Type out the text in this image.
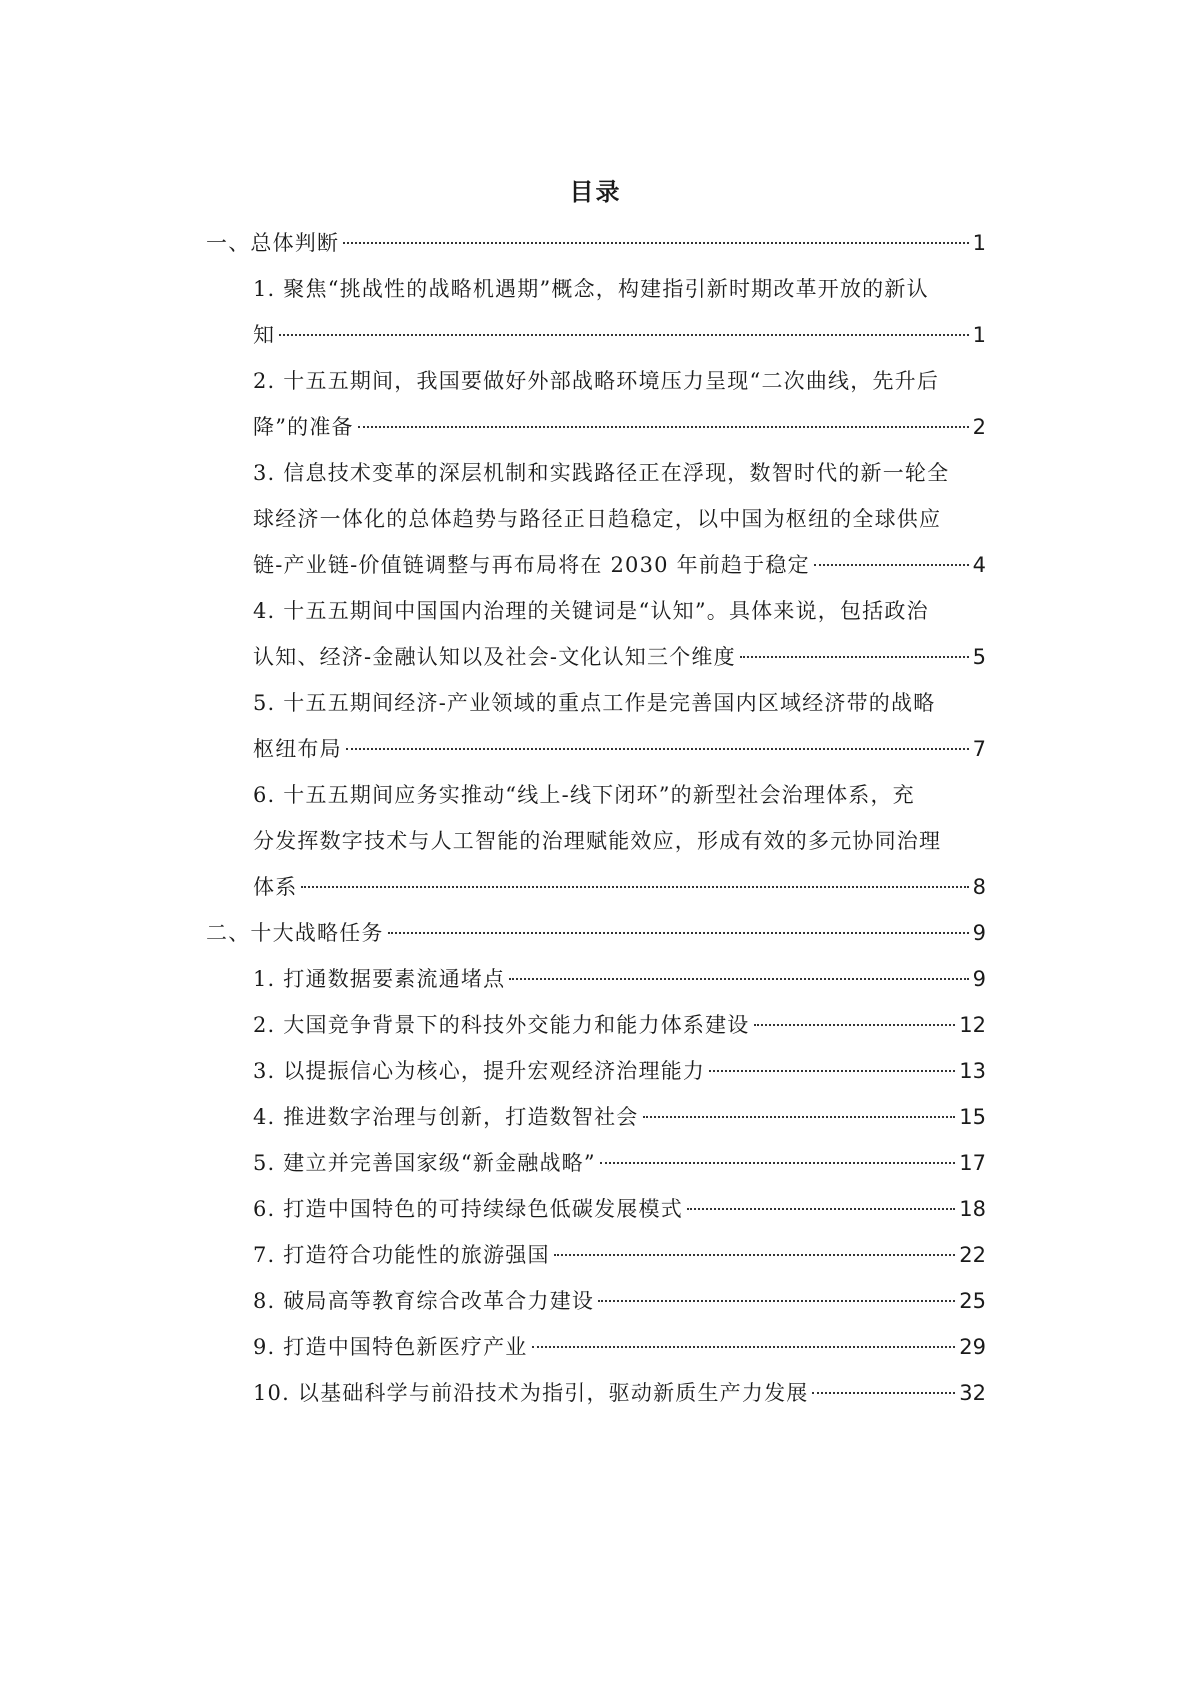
目录
一、总体判断	1
1. 聚焦“挑战性的战略机遇期”概念，构建指引新时期改革开放的新认
知	1
2. 十五五期间，我国要做好外部战略环境压力呈现“二次曲线，先升后
降”的准备	2
3. 信息技术变革的深层机制和实践路径正在浮现，数智时代的新一轮全
球经济一体化的总体趋势与路径正日趋稳定，以中国为枢纽的全球供应
链-产业链-价值链调整与再布局将在 2030 年前趋于稳定	4
4. 十五五期间中国国内治理的关键词是“认知”。具体来说，包括政治
认知、经济-金融认知以及社会-文化认知三个维度	5
5. 十五五期间经济-产业领域的重点工作是完善国内区域经济带的战略
枢纽布局	7
6. 十五五期间应务实推动“线上-线下闭环”的新型社会治理体系，充
分发挥数字技术与人工智能的治理赋能效应，形成有效的多元协同治理
体系	8
二、十大战略任务	9
1. 打通数据要素流通堵点	9
2. 大国竞争背景下的科技外交能力和能力体系建设	12
3. 以提振信心为核心，提升宏观经济治理能力	13
4. 推进数字治理与创新，打造数智社会	15
5. 建立并完善国家级“新金融战略”	17
6. 打造中国特色的可持续绿色低碳发展模式	18
7. 打造符合功能性的旅游强国	22
8. 破局高等教育综合改革合力建设	25
9. 打造中国特色新医疗产业	29
10. 以基础科学与前沿技术为指引，驱动新质生产力发展	32
